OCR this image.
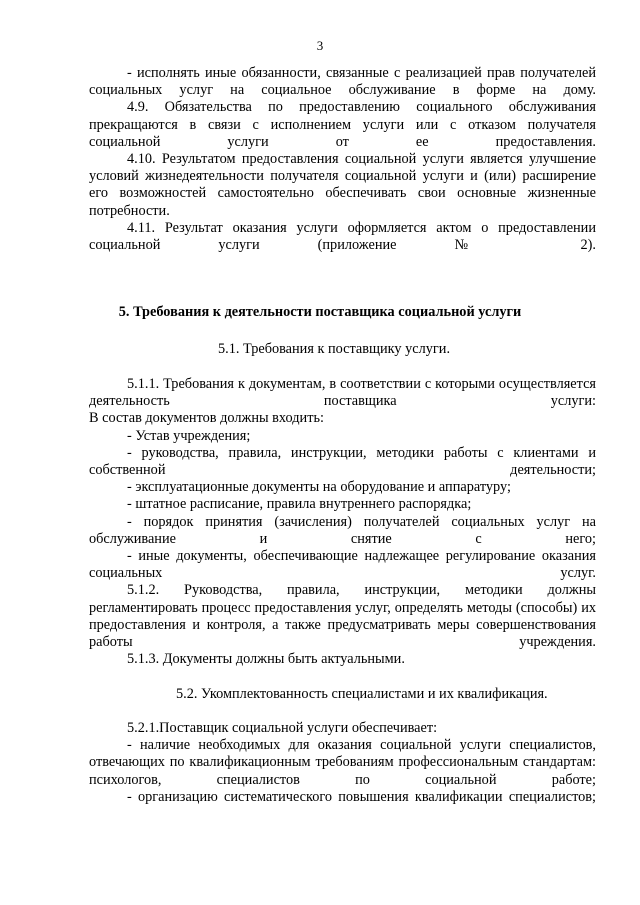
3

- исполнять иные обязанности, связанные с реализацией прав получателей социальных услуг на социальное обслуживание в форме на дому.

4.9. Обязательства по предоставлению социального обслуживания прекращаются в связи с исполнением услуги или с отказом получателя социальной услуги от ее предоставления.

4.10. Результатом предоставления социальной услуги является улучшение условий жизнедеятельности получателя социальной услуги и (или) расширение его возможностей самостоятельно обеспечивать свои основные жизненные потребности.

4.11. Результат оказания услуги оформляется актом о предоставлении социальной услуги (приложение № 2).

5. Требования к деятельности поставщика социальной услуги
5.1. Требования к поставщику услуги.

5.1.1. Требования к документам, в соответствии с которыми осуществляется деятельность поставщика услуги:

В состав документов должны входить:

- Устав учреждения;

- руководства, правила, инструкции, методики работы с клиентами и собственной деятельности;

- эксплуатационные документы на оборудование и аппаратуру;

- штатное расписание, правила внутреннего распорядка;

- порядок принятия (зачисления) получателей социальных услуг на обслуживание и снятие с него;

- иные документы, обеспечивающие надлежащее регулирование оказания социальных услуг.

5.1.2. Руководства, правила, инструкции, методики должны регламентировать процесс предоставления услуг, определять методы (способы) их предоставления и контроля, а также предусматривать меры совершенствования работы учреждения.

5.1.3. Документы должны быть актуальными.

5.2. Укомплектованность специалистами и их квалификация.

5.2.1.Поставщик социальной услуги обеспечивает:

- наличие необходимых для оказания социальной услуги специалистов, отвечающих по квалификационным требованиям профессиональным стандартам: психологов, специалистов по социальной работе;

- организацию систематического повышения квалификации специалистов;
